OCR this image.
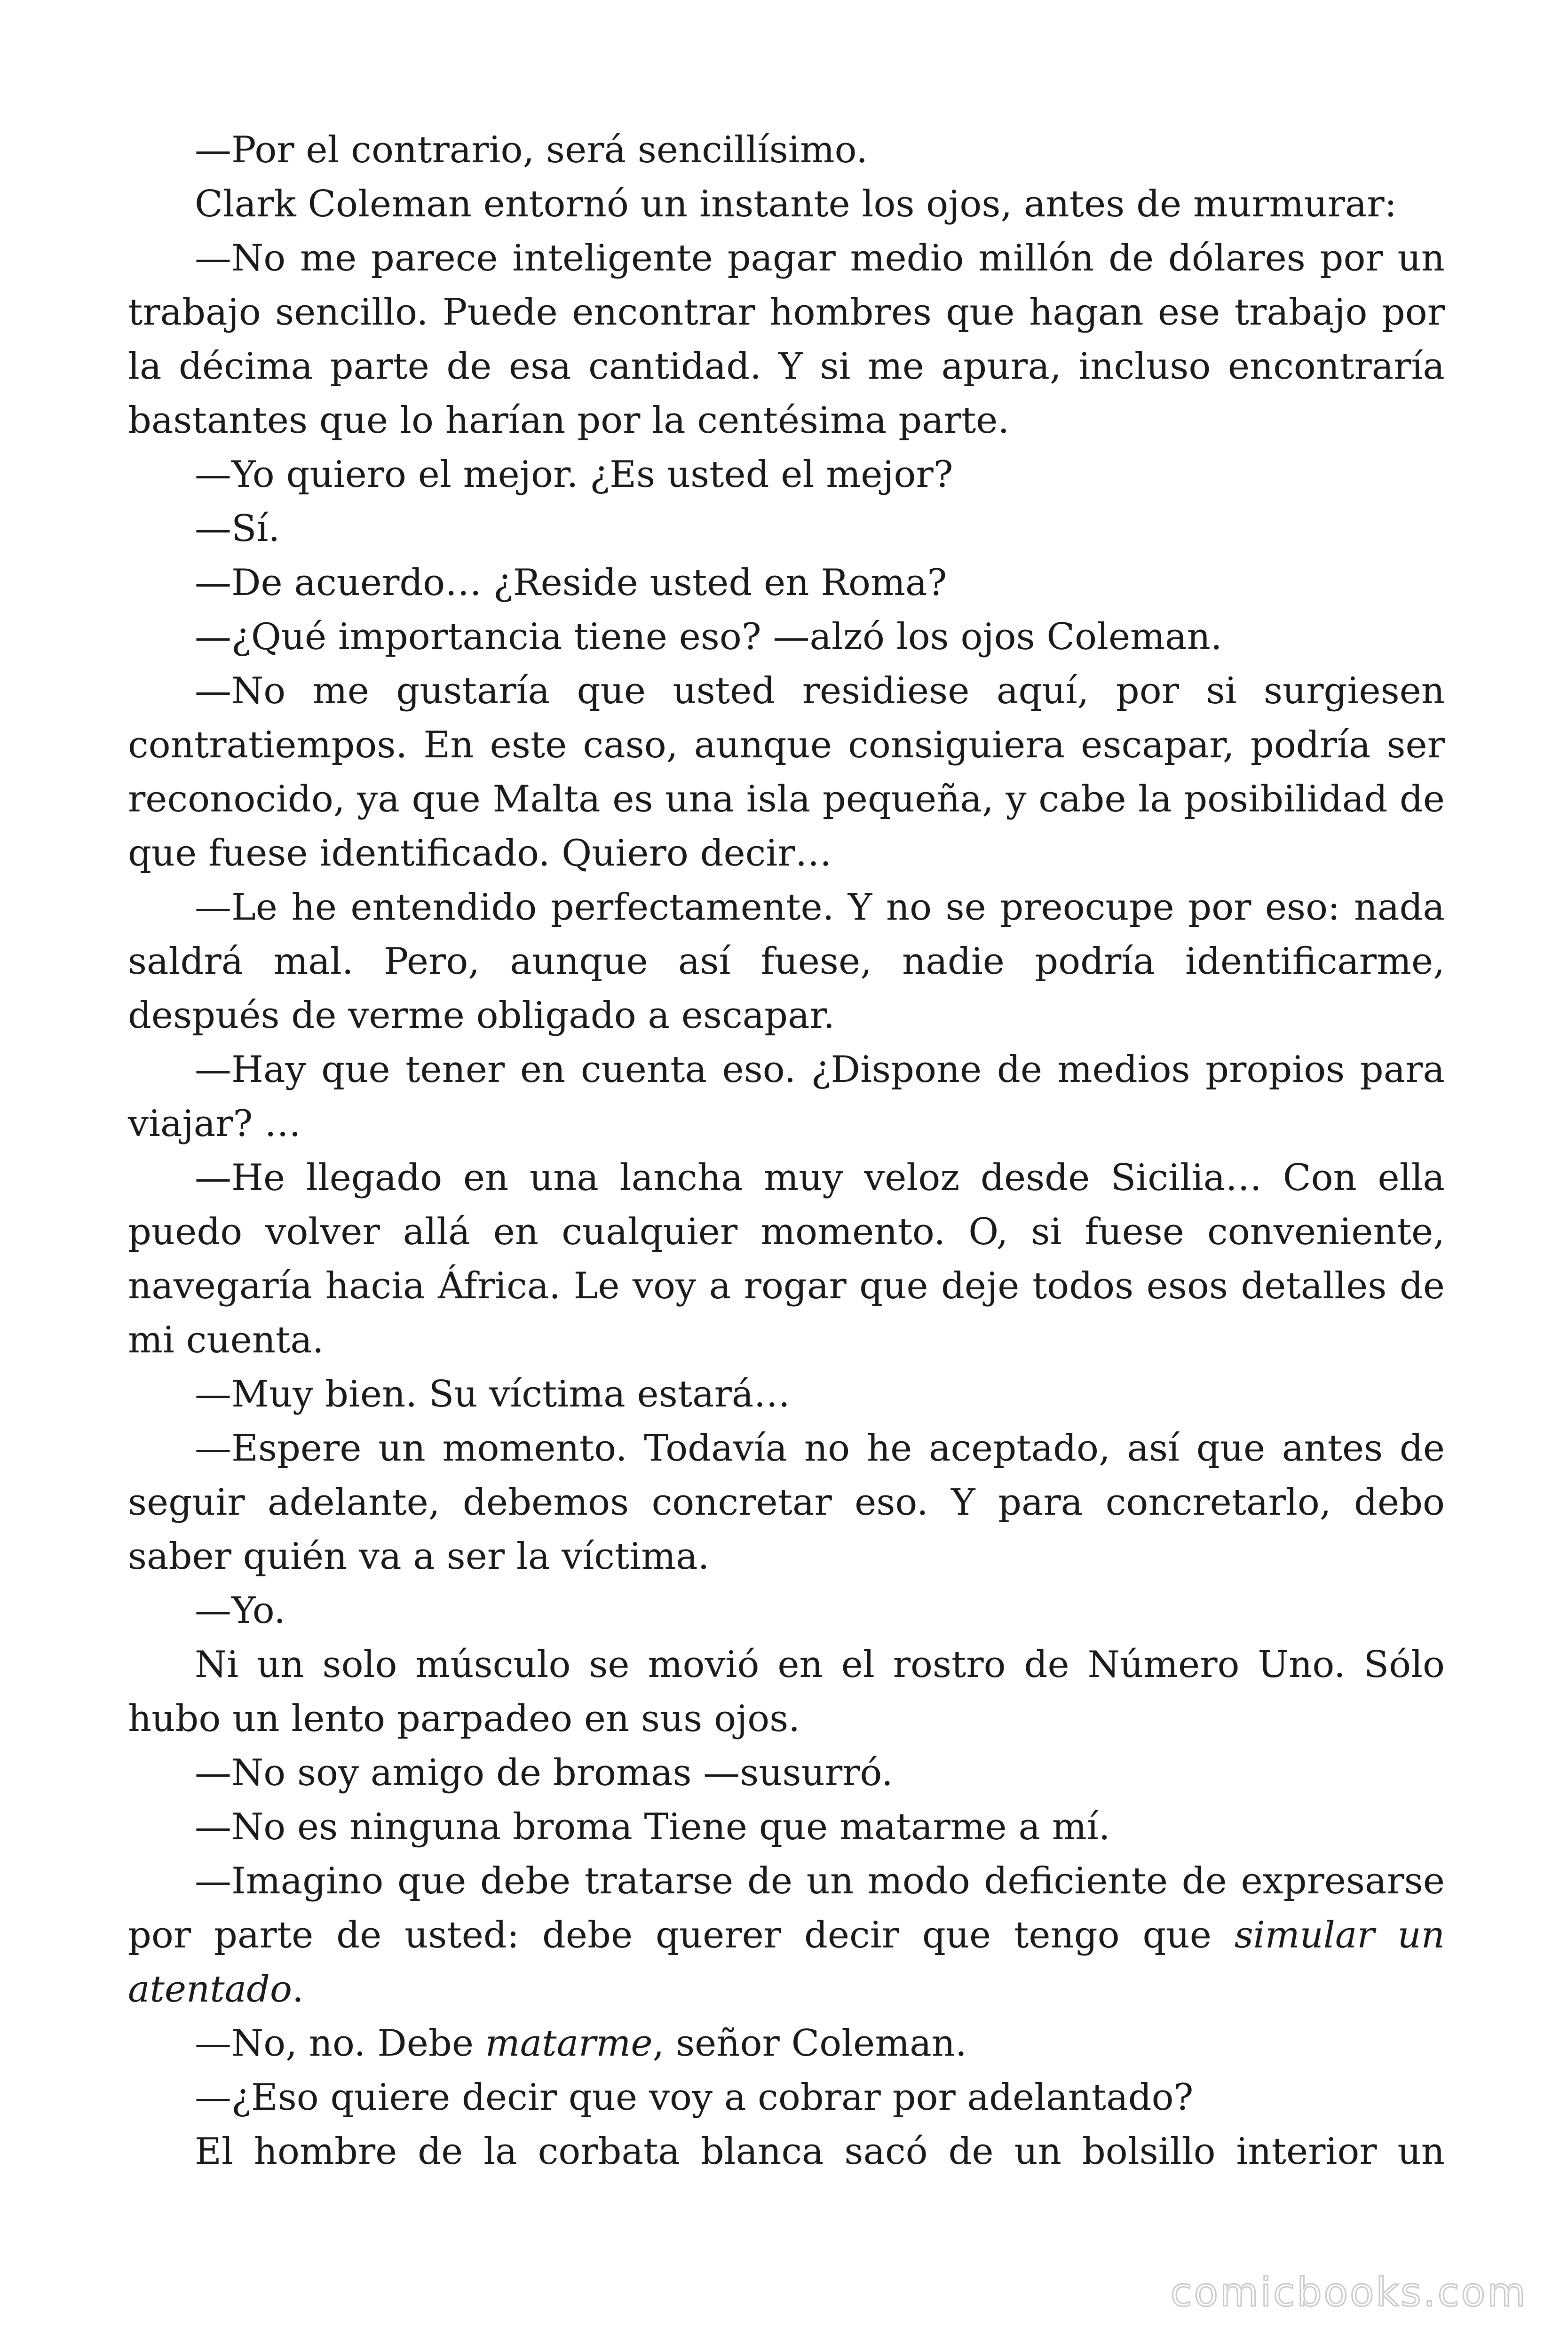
—Por el contrario, será sencillísimo.

Clark Coleman entornó un instante los ojos, antes de murmurar:

—No me parece inteligente pagar medio millón de dólares por un trabajo sencillo. Puede encontrar hombres que hagan ese trabajo por la décima parte de esa cantidad. Y si me apura, incluso encontraría bastantes que lo harían por la centésima parte.

—Yo quiero el mejor. ¿Es usted el mejor?

—Sí.

—De acuerdo… ¿Reside usted en Roma?

—¿Qué importancia tiene eso? —alzó los ojos Coleman.

—No me gustaría que usted residiese aquí, por si surgiesen contratiempos. En este caso, aunque consiguiera escapar, podría ser reconocido, ya que Malta es una isla pequeña, y cabe la posibilidad de que fuese identificado. Quiero decir…

—Le he entendido perfectamente. Y no se preocupe por eso: nada saldrá mal. Pero, aunque así fuese, nadie podría identificarme, después de verme obligado a escapar.

—Hay que tener en cuenta eso. ¿Dispone de medios propios para viajar? …

—He llegado en una lancha muy veloz desde Sicilia… Con ella puedo volver allá en cualquier momento. O, si fuese conveniente, navegaría hacia África. Le voy a rogar que deje todos esos detalles de mi cuenta.

—Muy bien. Su víctima estará…

—Espere un momento. Todavía no he aceptado, así que antes de seguir adelante, debemos concretar eso. Y para concretarlo, debo saber quién va a ser la víctima.

—Yo.

Ni un solo músculo se movió en el rostro de Número Uno. Sólo hubo un lento parpadeo en sus ojos.

—No soy amigo de bromas —susurró.

—No es ninguna broma Tiene que matarme a mí.

—Imagino que debe tratarse de un modo deficiente de expresarse por parte de usted: debe querer decir que tengo que simular un atentado.

—No, no. Debe matarme, señor Coleman.

—¿Eso quiere decir que voy a cobrar por adelantado?

El hombre de la corbata blanca sacó de un bolsillo interior un

comicbooks.com
